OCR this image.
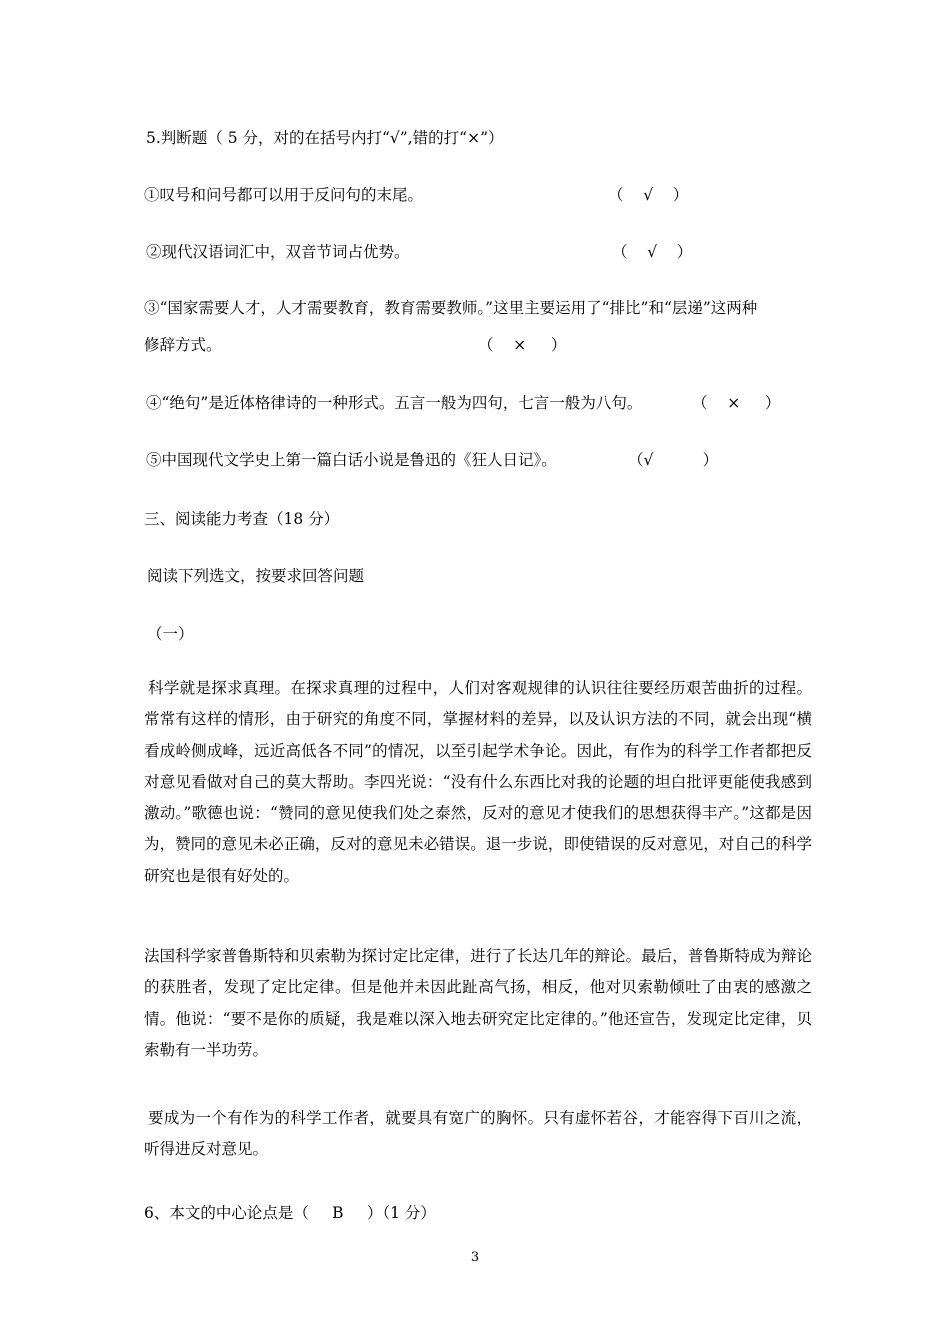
5.判断题（ 5 分，对的在括号内打“√”,错的打“×”）
①叹号和问号都可以用于反问句的末尾。	（    √    ）
②现代汉语词汇中，双音节词占优势。	（    √    ）
③“国家需要人才，人才需要教育，教育需要教师。”这里主要运用了“排比”和“层递”这两种
修辞方式。	（    ×     ）
④“绝句”是近体格律诗的一种形式。五言一般为四句，七言一般为八句。	（    ×     ）
⑤中国现代文学史上第一篇白话小说是鲁迅的《狂人日记》。	（√          ）
三、阅读能力考查（18 分）
阅读下列选文，按要求回答问题
（一）
科学就是探求真理。在探求真理的过程中，人们对客观规律的认识往往要经历艰苦曲折的过程。常常有这样的情形，由于研究的角度不同，掌握材料的差异，以及认识方法的不同，就会出现“横看成岭侧成峰，远近高低各不同”的情况，以至引起学术争论。因此，有作为的科学工作者都把反对意见看做对自己的莫大帮助。李四光说：“没有什么东西比对我的论题的坦白批评更能使我感到激动。”歌德也说：“赞同的意见使我们处之泰然，反对的意见才使我们的思想获得丰产。”这都是因为，赞同的意见未必正确，反对的意见未必错误。退一步说，即使错误的反对意见，对自己的科学研究也是很有好处的。
法国科学家普鲁斯特和贝索勒为探讨定比定律，进行了长达几年的辩论。最后，普鲁斯特成为辩论的获胜者，发现了定比定律。但是他并未因此趾高气扬，相反，他对贝索勒倾吐了由衷的感激之情。他说：“要不是你的质疑，我是难以深入地去研究定比定律的。”他还宣告，发现定比定律，贝索勒有一半功劳。
要成为一个有作为的科学工作者，就要具有宽广的胸怀。只有虚怀若谷，才能容得下百川之流，听得进反对意见。
6、本文的中心论点是（ B ）（1 分）
3
